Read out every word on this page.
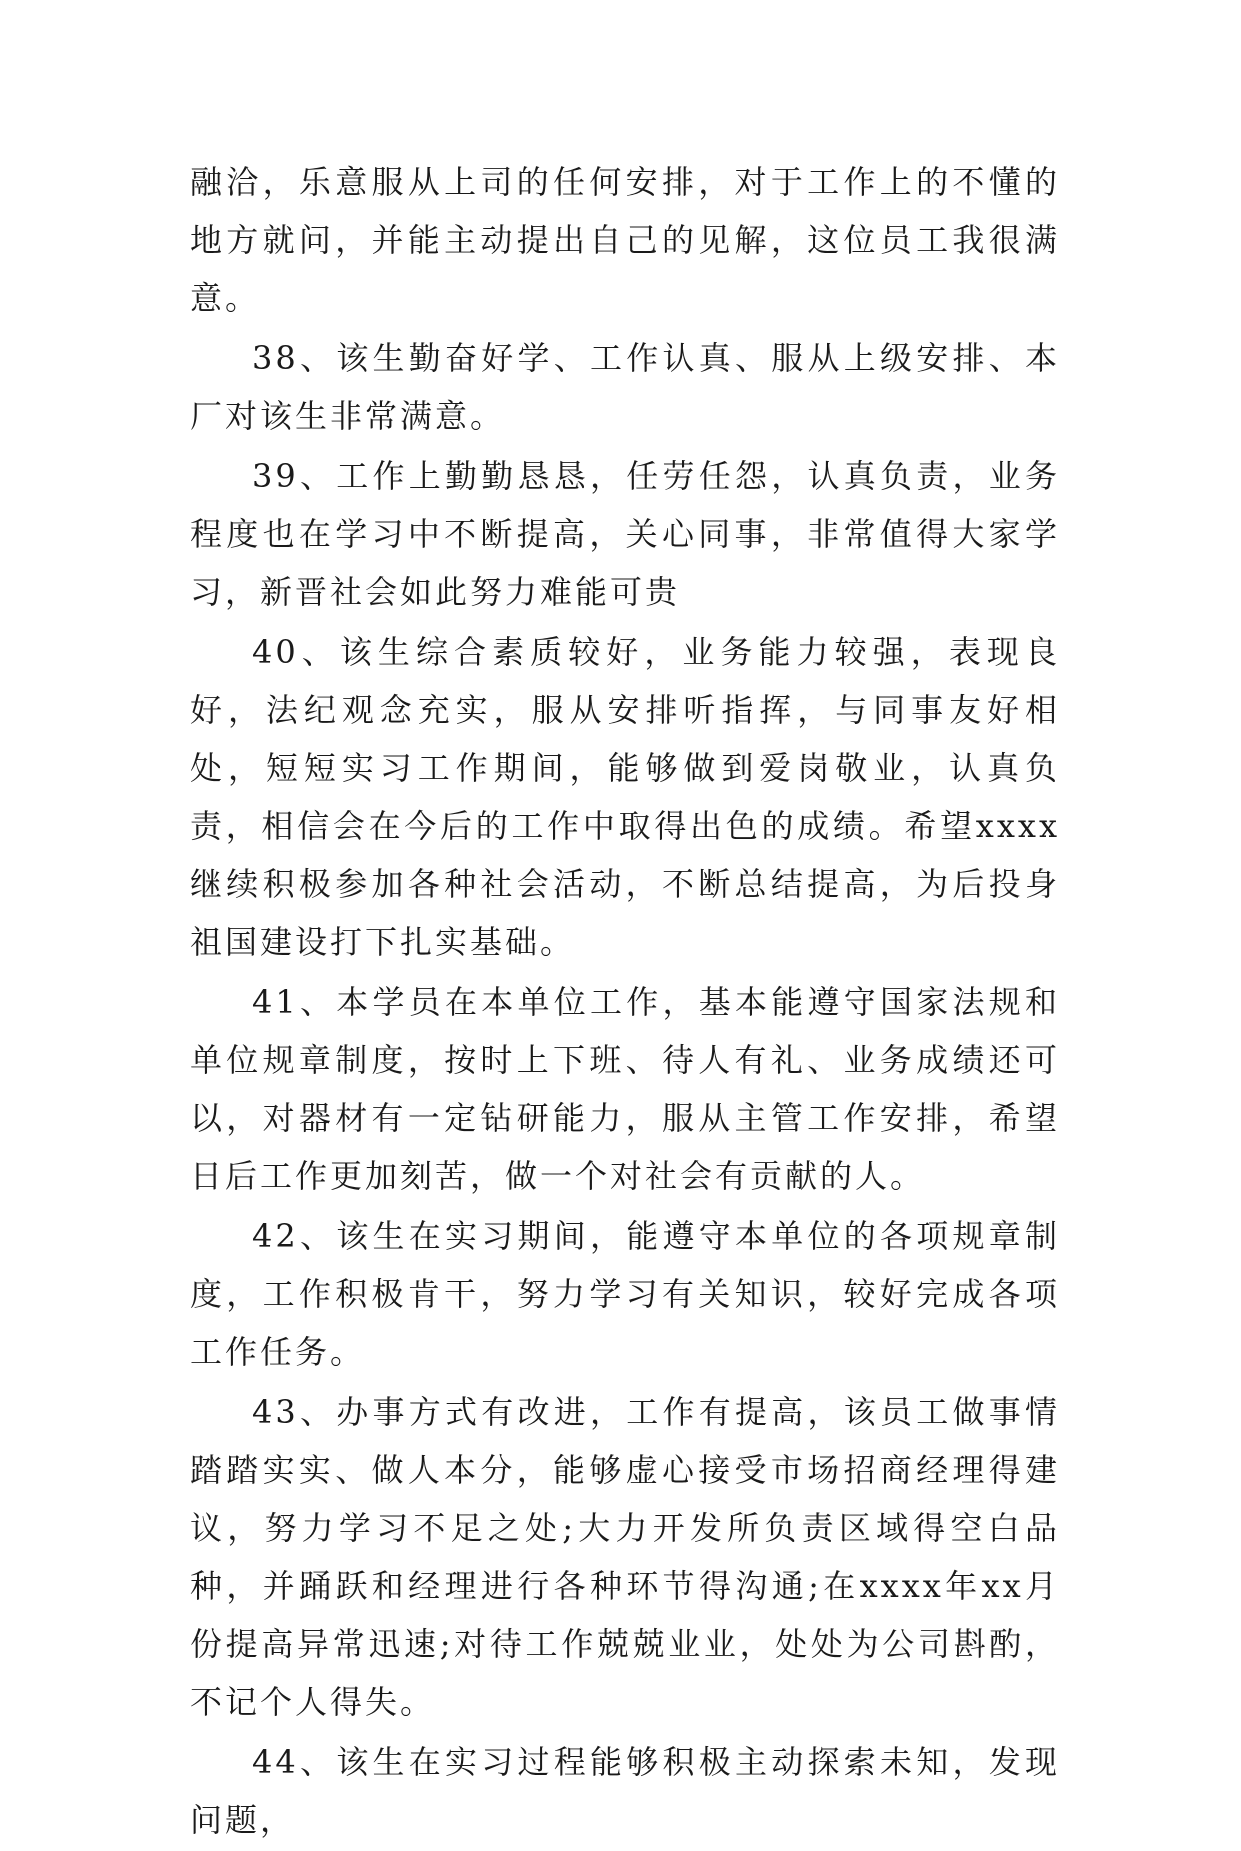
融洽，乐意服从上司的任何安排，对于工作上的不懂的地方就问，并能主动提出自己的见解，这位员工我很满意。

38、该生勤奋好学、工作认真、服从上级安排、本厂对该生非常满意。

39、工作上勤勤恳恳，任劳任怨，认真负责，业务程度也在学习中不断提高，关心同事，非常值得大家学习，新晋社会如此努力难能可贵

40、该生综合素质较好，业务能力较强，表现良好，法纪观念充实，服从安排听指挥，与同事友好相处，短短实习工作期间，能够做到爱岗敬业，认真负责，相信会在今后的工作中取得出色的成绩。希望xxxx继续积极参加各种社会活动，不断总结提高，为后投身祖国建设打下扎实基础。

41、本学员在本单位工作，基本能遵守国家法规和单位规章制度，按时上下班、待人有礼、业务成绩还可以，对器材有一定钻研能力，服从主管工作安排，希望日后工作更加刻苦，做一个对社会有贡献的人。

42、该生在实习期间，能遵守本单位的各项规章制度，工作积极肯干，努力学习有关知识，较好完成各项工作任务。

43、办事方式有改进，工作有提高，该员工做事情踏踏实实、做人本分，能够虚心接受市场招商经理得建议，努力学习不足之处;大力开发所负责区域得空白品种，并踊跃和经理进行各种环节得沟通;在xxxx年xx月份提高异常迅速;对待工作兢兢业业，处处为公司斟酌，不记个人得失。

44、该生在实习过程能够积极主动探索未知，发现问题，
